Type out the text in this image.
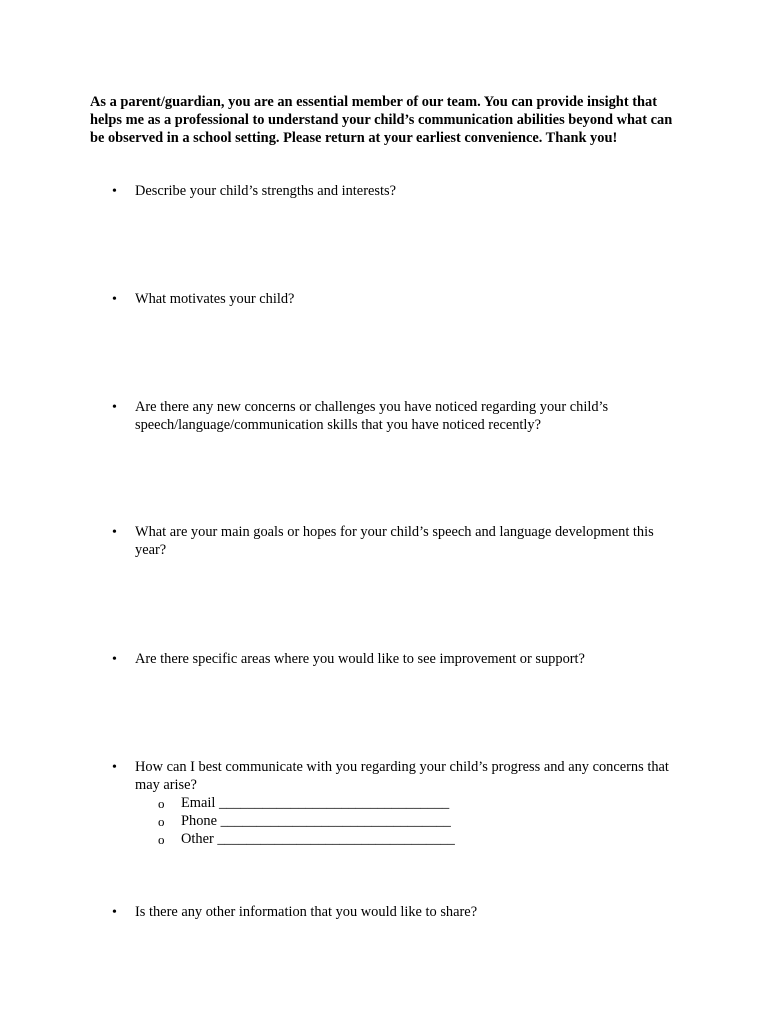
As a parent/guardian, you are an essential member of our team. You can provide insight that helps me as a professional to understand your child’s communication abilities beyond what can be observed in a school setting. Please return at your earliest convenience. Thank you!

• Describe your child’s strengths and interests?

• What motivates your child?

• Are there any new concerns or challenges you have noticed regarding your child’s speech/language/communication skills that you have noticed recently?

• What are your main goals or hopes for your child’s speech and language development this year?

• Are there specific areas where you would like to see improvement or support?

• How can I best communicate with you regarding your child’s progress and any concerns that may arise?

o Email ________________________________
o Phone ________________________________
o Other _________________________________
• Is there any other information that you would like to share?
